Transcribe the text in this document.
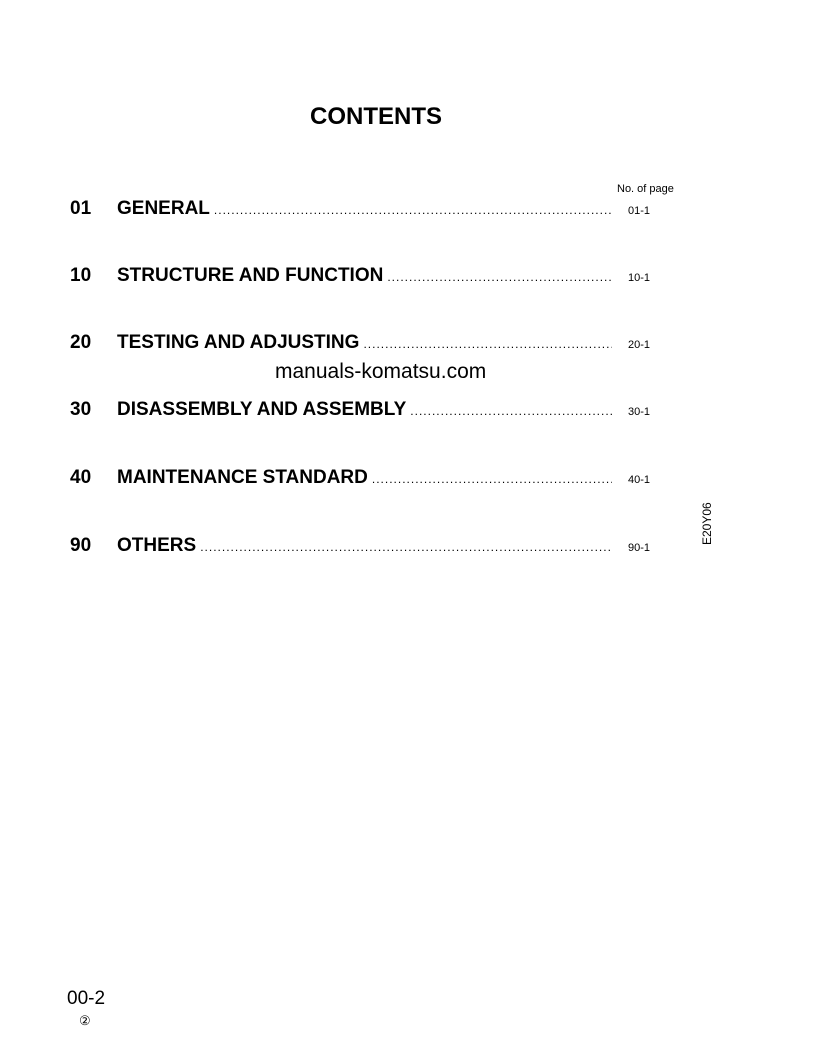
CONTENTS
No. of page
01	GENERAL .....	01-1
10	STRUCTURE AND FUNCTION .....	10-1
20	TESTING AND ADJUSTING .....	20-1
30	DISASSEMBLY AND ASSEMBLY .....	30-1
40	MAINTENANCE STANDARD .....	40-1
90	OTHERS .....	90-1
manuals-komatsu.com
E20Y06
00-2
②
